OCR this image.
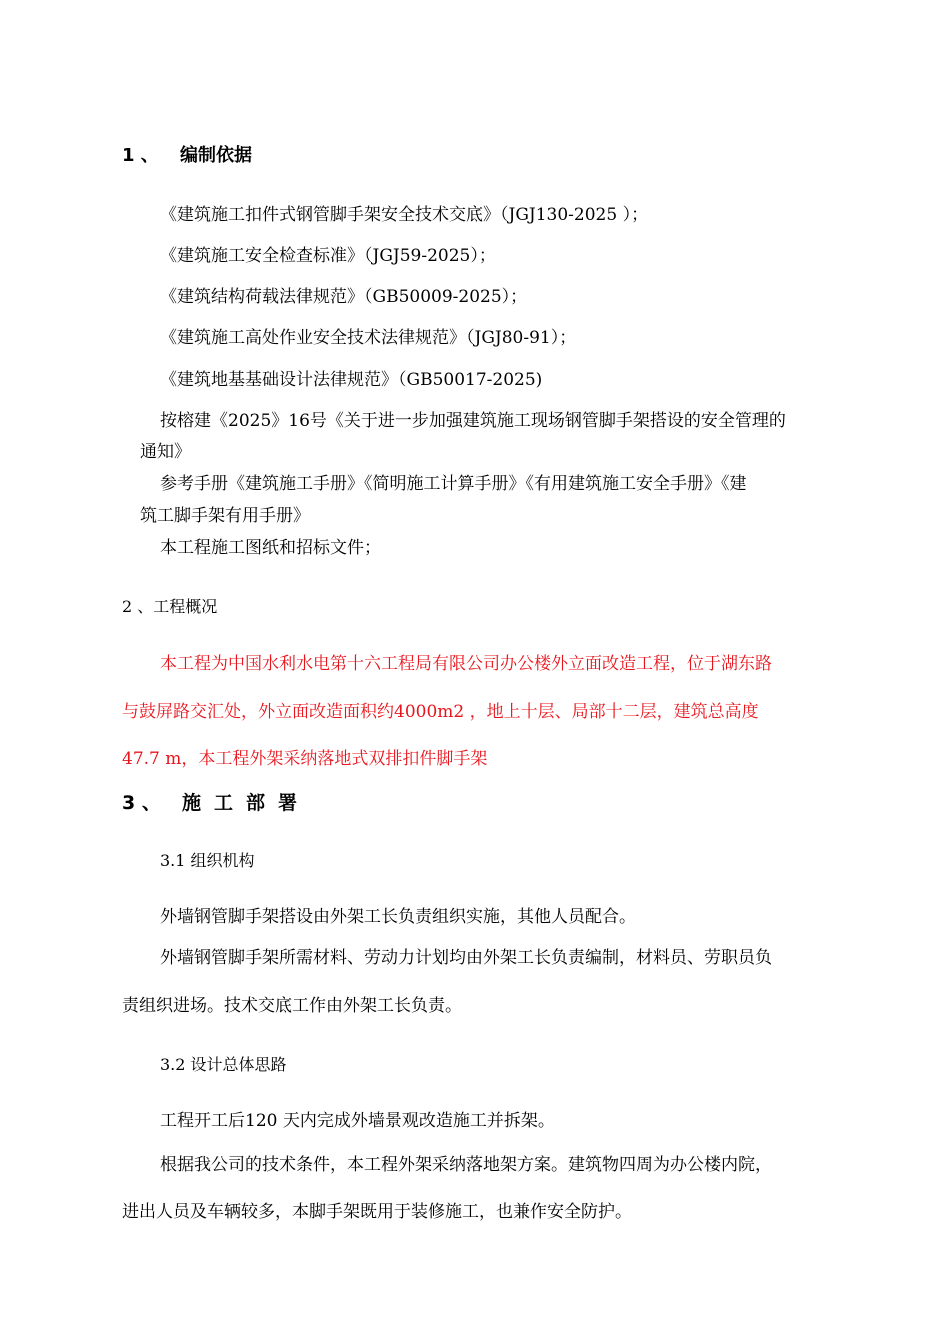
1 、 编制依据
《建筑施工扣件式钢管脚手架安全技术交底》（JGJ130-2025 ）；
《建筑施工安全检查标准》（JGJ59-2025）；
《建筑结构荷载法律规范》（GB50009-2025）；
《建筑施工高处作业安全技术法律规范》（JGJ80-91）；
《建筑地基基础设计法律规范》（GB50017-2025)
按榕建《2025》16号《关于进一步加强建筑施工现场钢管脚手架搭设的安全管理的
通知》
参考手册《建筑施工手册》《简明施工计算手册》《有用建筑施工安全手册》《建
筑工脚手架有用手册》
本工程施工图纸和招标文件；
2 、工程概况
本工程为中国水利水电第十六工程局有限公司办公楼外立面改造工程，位于湖东路
与鼓屏路交汇处，外立面改造面积约4000m2 ，地上十层、局部十二层，建筑总高度
47.7 m，本工程外架采纳落地式双排扣件脚手架
3 、 施工部署
3.1 组织机构
外墙钢管脚手架搭设由外架工长负责组织实施，其他人员配合。
外墙钢管脚手架所需材料、劳动力计划均由外架工长负责编制，材料员、劳职员负
责组织进场。技术交底工作由外架工长负责。
3.2 设计总体思路
工程开工后120 天内完成外墙景观改造施工并拆架。
根据我公司的技术条件，本工程外架采纳落地架方案。建筑物四周为办公楼内院，
进出人员及车辆较多，本脚手架既用于装修施工，也兼作安全防护。
